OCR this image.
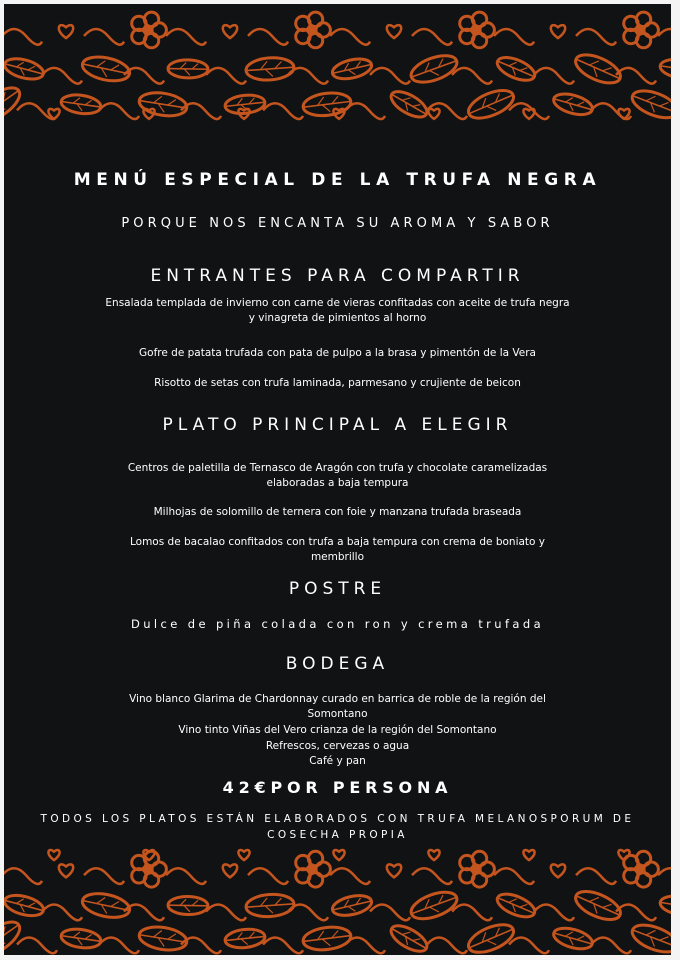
MENÚ ESPECIAL DE LA TRUFA NEGRA
PORQUE NOS ENCANTA SU AROMA Y SABOR
ENTRANTES PARA COMPARTIR
Ensalada templada de invierno con carne de vieras confitadas con aceite de trufa negra y vinagreta de pimientos al horno
Gofre de patata trufada con pata de pulpo a la brasa y pimentón de la Vera
Risotto de setas con trufa laminada, parmesano y crujiente de beicon
PLATO PRINCIPAL A ELEGIR
Centros de paletilla de Ternasco de Aragón con trufa y chocolate caramelizadas elaboradas a baja tempura
Milhojas de solomillo de ternera con foie y manzana trufada braseada
Lomos de bacalao confitados con trufa a baja tempura con crema de boniato y membrillo
POSTRE
Dulce de piña colada con ron y crema trufada
BODEGA
Vino blanco Glarima de Chardonnay curado en barrica de roble de la región del Somontano
Vino tinto Viñas del Vero crianza de la región del Somontano
Refrescos, cervezas o agua
Café y pan
42€POR PERSONA
TODOS LOS PLATOS ESTÁN ELABORADOS CON TRUFA MELANOSPORUM DE COSECHA PROPIA
